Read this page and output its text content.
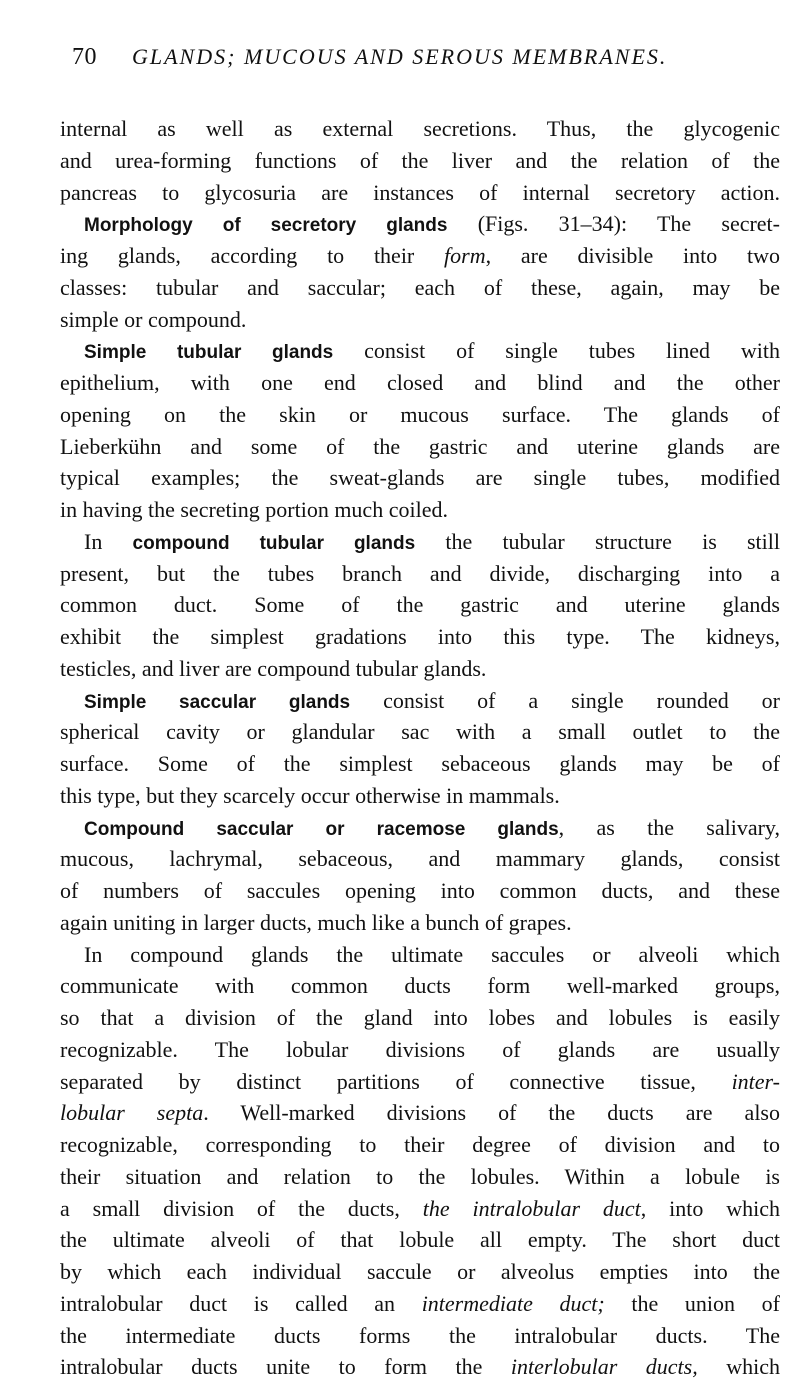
70	GLANDS; MUCOUS AND SEROUS MEMBRANES.
internal as well as external secretions. Thus, the glycogenic
and urea-forming functions of the liver and the relation of the
pancreas to glycosuria are instances of internal secretory action.
Morphology of secretory glands (Figs. 31–34): The secret-
ing glands, according to their form, are divisible into two
classes: tubular and saccular; each of these, again, may be
simple or compound.
Simple tubular glands consist of single tubes lined with
epithelium, with one end closed and blind and the other
opening on the skin or mucous surface. The glands of
Lieberkühn and some of the gastric and uterine glands are
typical examples; the sweat-glands are single tubes, modified
in having the secreting portion much coiled.
In compound tubular glands the tubular structure is still
present, but the tubes branch and divide, discharging into a
common duct. Some of the gastric and uterine glands
exhibit the simplest gradations into this type. The kidneys,
testicles, and liver are compound tubular glands.
Simple saccular glands consist of a single rounded or
spherical cavity or glandular sac with a small outlet to the
surface. Some of the simplest sebaceous glands may be of
this type, but they scarcely occur otherwise in mammals.
Compound saccular or racemose glands, as the salivary,
mucous, lachrymal, sebaceous, and mammary glands, consist
of numbers of saccules opening into common ducts, and these
again uniting in larger ducts, much like a bunch of grapes.
In compound glands the ultimate saccules or alveoli which
communicate with common ducts form well-marked groups,
so that a division of the gland into lobes and lobules is easily
recognizable. The lobular divisions of glands are usually
separated by distinct partitions of connective tissue, inter-
lobular septa. Well-marked divisions of the ducts are also
recognizable, corresponding to their degree of division and to
their situation and relation to the lobules. Within a lobule is
a small division of the ducts, the intralobular duct, into which
the ultimate alveoli of that lobule all empty. The short duct
by which each individual saccule or alveolus empties into the
intralobular duct is called an intermediate duct; the union of
the intermediate ducts forms the intralobular ducts. The
intralobular ducts unite to form the interlobular ducts, which
